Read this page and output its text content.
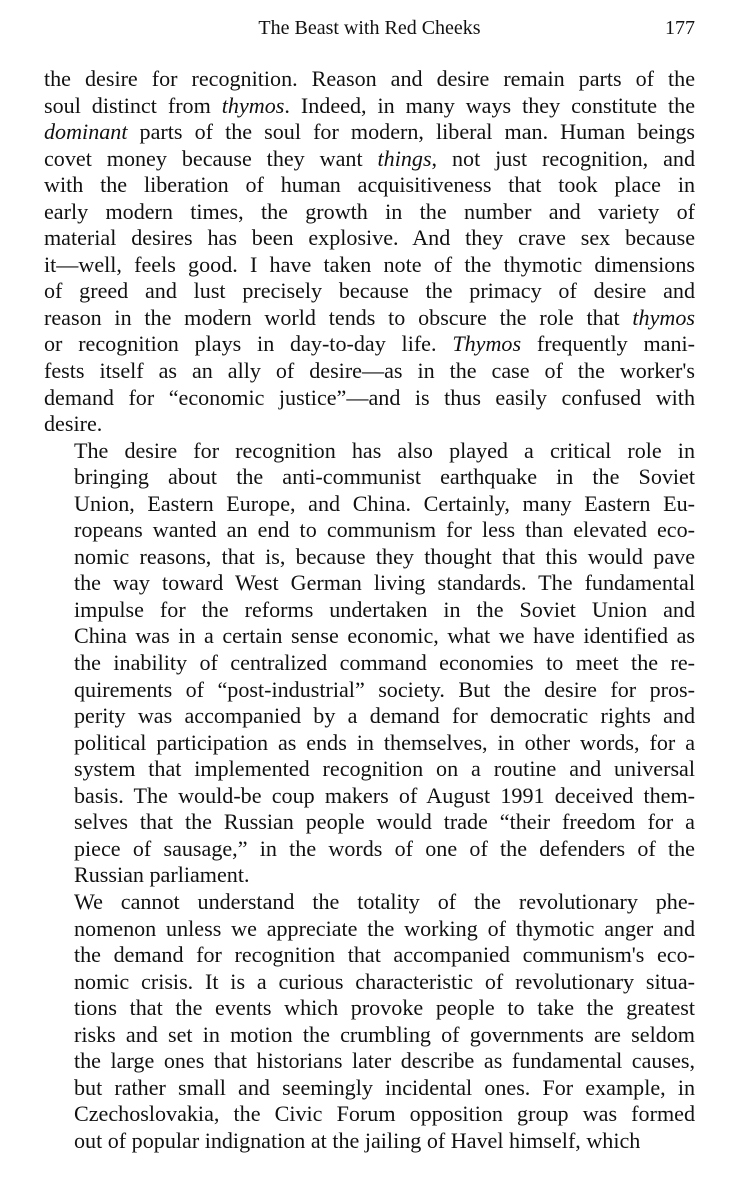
The Beast with Red Cheeks	177

the desire for recognition. Reason and desire remain parts of the
soul distinct from thymos. Indeed, in many ways they constitute the
dominant parts of the soul for modern, liberal man. Human beings
covet money because they want things, not just recognition, and
with the liberation of human acquisitiveness that took place in
early modern times, the growth in the number and variety of
material desires has been explosive. And they crave sex because
it—well, feels good. I have taken note of the thymotic dimensions
of greed and lust precisely because the primacy of desire and
reason in the modern world tends to obscure the role that thymos
or recognition plays in day-to-day life. Thymos frequently mani-
fests itself as an ally of desire—as in the case of the worker's
demand for “economic justice”—and is thus easily confused with
desire.

The desire for recognition has also played a critical role in
bringing about the anti-communist earthquake in the Soviet
Union, Eastern Europe, and China. Certainly, many Eastern Eu-
ropeans wanted an end to communism for less than elevated eco-
nomic reasons, that is, because they thought that this would pave
the way toward West German living standards. The fundamental
impulse for the reforms undertaken in the Soviet Union and
China was in a certain sense economic, what we have identified as
the inability of centralized command economies to meet the re-
quirements of “post-industrial” society. But the desire for pros-
perity was accompanied by a demand for democratic rights and
political participation as ends in themselves, in other words, for a
system that implemented recognition on a routine and universal
basis. The would-be coup makers of August 1991 deceived them-
selves that the Russian people would trade “their freedom for a
piece of sausage,” in the words of one of the defenders of the
Russian parliament.

We cannot understand the totality of the revolutionary phe-
nomenon unless we appreciate the working of thymotic anger and
the demand for recognition that accompanied communism's eco-
nomic crisis. It is a curious characteristic of revolutionary situa-
tions that the events which provoke people to take the greatest
risks and set in motion the crumbling of governments are seldom
the large ones that historians later describe as fundamental causes,
but rather small and seemingly incidental ones. For example, in
Czechoslovakia, the Civic Forum opposition group was formed
out of popular indignation at the jailing of Havel himself, which
